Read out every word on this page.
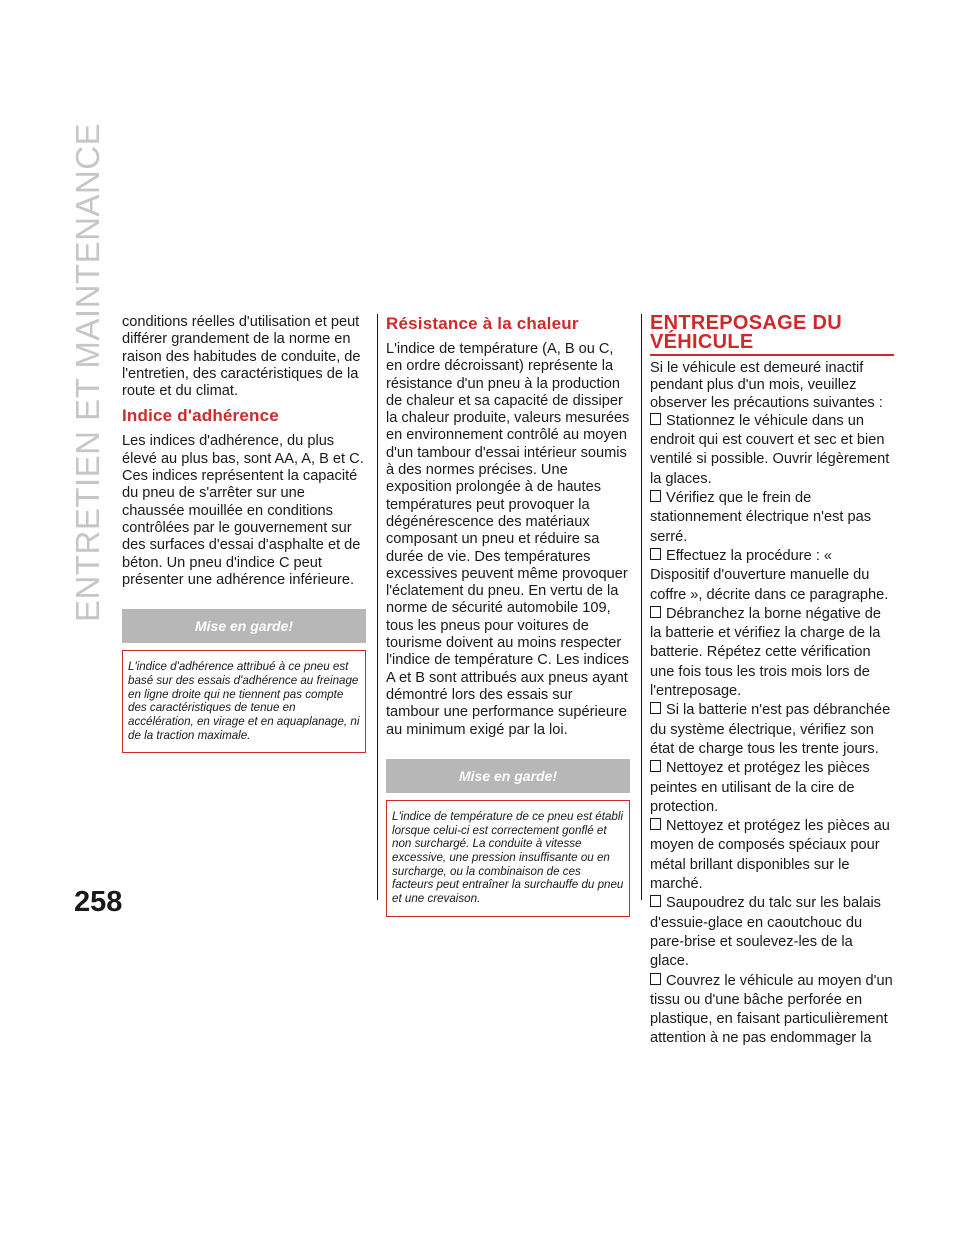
ENTRETIEN ET MAINTENANCE
258

conditions réelles d'utilisation et peut différer grandement de la norme en raison des habitudes de conduite, de l'entretien, des caractéristiques de la route et du climat.

Indice d'adhérence

Les indices d'adhérence, du plus élevé au plus bas, sont AA, A, B et C. Ces indices représentent la capacité du pneu de s'arrêter sur une chaussée mouillée en conditions contrôlées par le gouvernement sur des surfaces d'essai d'asphalte et de béton. Un pneu d'indice C peut présenter une adhérence inférieure.

Mise en garde!
L'indice d'adhérence attribué à ce pneu est basé sur des essais d'adhérence au freinage en ligne droite qui ne tiennent pas compte des caractéristiques de tenue en accélération, en virage et en aquaplanage, ni de la traction maximale.
Résistance à la chaleur

L'indice de température (A, B ou C, en ordre décroissant) représente la résistance d'un pneu à la production de chaleur et sa capacité de dissiper la chaleur produite, valeurs mesurées en environnement contrôlé au moyen d'un tambour d'essai intérieur soumis à des normes précises. Une exposition prolongée à de hautes températures peut provoquer la dégénérescence des matériaux composant un pneu et réduire sa durée de vie. Des températures excessives peuvent même provoquer l'éclatement du pneu. En vertu de la norme de sécurité automobile 109, tous les pneus pour voitures de tourisme doivent au moins respecter l'indice de température C. Les indices A et B sont attribués aux pneus ayant démontré lors des essais sur tambour une performance supérieure au minimum exigé par la loi.

Mise en garde!
L'indice de température de ce pneu est établi lorsque celui-ci est correctement gonflé et non surchargé. La conduite à vitesse excessive, une pression insuffisante ou en surcharge, ou la combinaison de ces facteurs peut entraîner la surchauffe du pneu et une crevaison.
ENTREPOSAGE DU
VÉHICULE

Si le véhicule est demeuré inactif pendant plus d'un mois, veuillez observer les précautions suivantes :

Stationnez le véhicule dans un endroit qui est couvert et sec et bien ventilé si possible. Ouvrir légèrement la glaces.
Vérifiez que le frein de stationnement électrique n'est pas serré.
Effectuez la procédure : « Dispositif d'ouverture manuelle du coffre », décrite dans ce paragraphe.
Débranchez la borne négative de la batterie et vérifiez la charge de la batterie. Répétez cette vérification une fois tous les trois mois lors de l'entreposage.
Si la batterie n'est pas débranchée du système électrique, vérifiez son état de charge tous les trente jours.
Nettoyez et protégez les pièces peintes en utilisant de la cire de protection.
Nettoyez et protégez les pièces au moyen de composés spéciaux pour métal brillant disponibles sur le marché.
Saupoudrez du talc sur les balais d'essuie-glace en caoutchouc du pare-brise et soulevez-les de la glace.
Couvrez le véhicule au moyen d'un tissu ou d'une bâche perforée en plastique, en faisant particulièrement attention à ne pas endommager la
